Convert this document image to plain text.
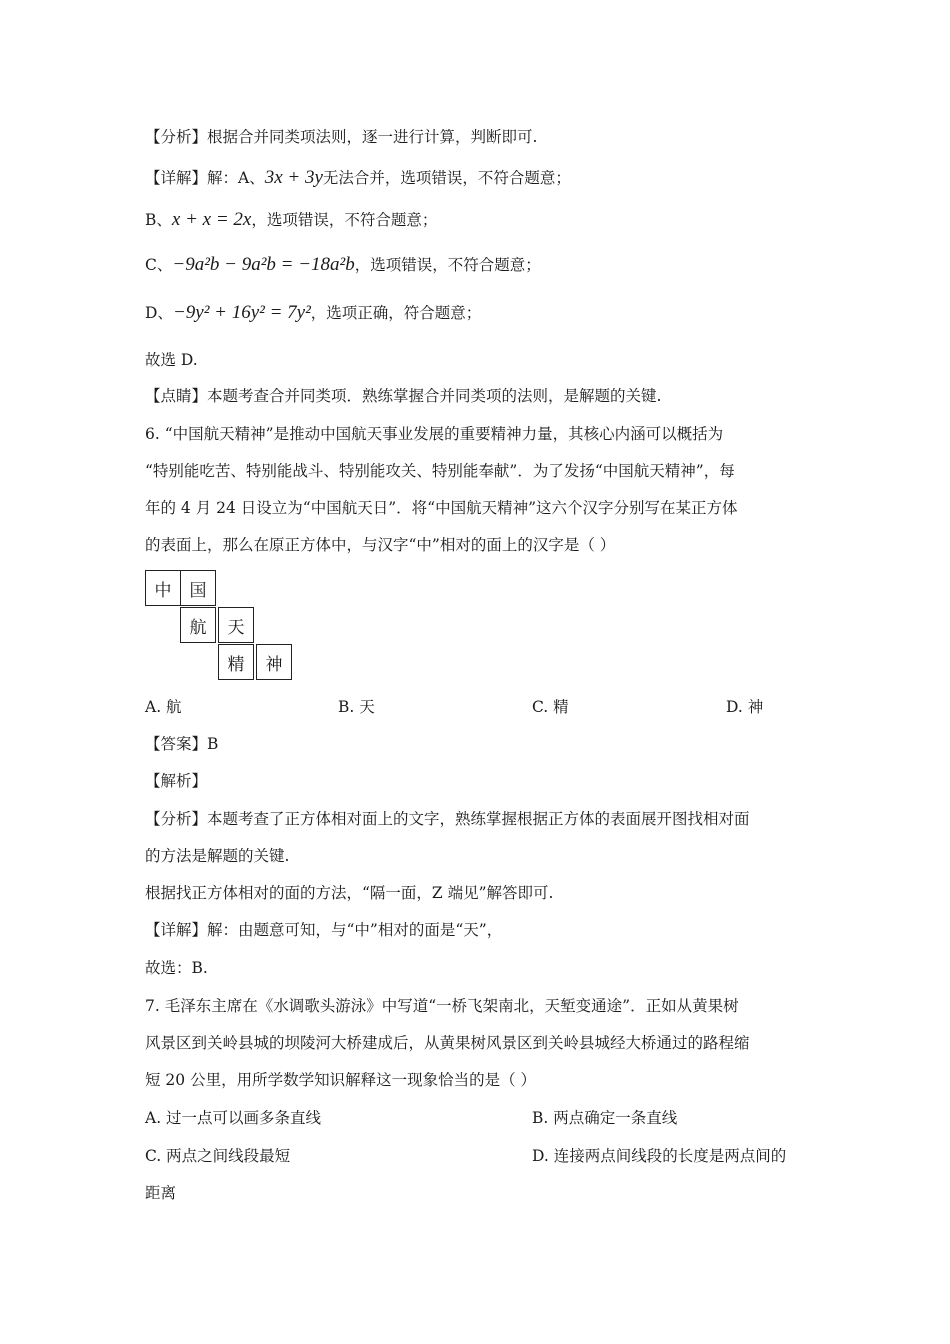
【分析】根据合并同类项法则，逐一进行计算，判断即可.
【详解】解：A、3x + 3y无法合并，选项错误，不符合题意；
B、x + x = 2x，选项错误，不符合题意；
C、−9a²b − 9a²b = −18a²b，选项错误，不符合题意；
D、−9y² + 16y² = 7y²，选项正确，符合题意；
故选 D.
【点睛】本题考查合并同类项．熟练掌握合并同类项的法则，是解题的关键.
6. “中国航天精神”是推动中国航天事业发展的重要精神力量，其核心内涵可以概括为
“特别能吃苦、特别能战斗、特别能攻关、特别能奉献”．为了发扬“中国航天精神”，每
年的 4 月 24 日设立为“中国航天日”．将“中国航天精神”这六个汉字分别写在某正方体
的表面上，那么在原正方体中，与汉字“中”相对的面上的汉字是（ ）
中	国
航	天
精	神
A. 航	B. 天	C. 精	D. 神
【答案】B
【解析】
【分析】本题考查了正方体相对面上的文字，熟练掌握根据正方体的表面展开图找相对面
的方法是解题的关键.
根据找正方体相对的面的方法，“隔一面，Z 端见”解答即可.
【详解】解：由题意可知，与“中”相对的面是“天”，
故选：B.
7. 毛泽东主席在《水调歌头游泳》中写道“一桥飞架南北，天堑变通途”．正如从黄果树
风景区到关岭县城的坝陵河大桥建成后，从黄果树风景区到关岭县城经大桥通过的路程缩
短 20 公里，用所学数学知识解释这一现象恰当的是（ ）
A. 过一点可以画多条直线	B. 两点确定一条直线
C. 两点之间线段最短	D. 连接两点间线段的长度是两点间的
距离
